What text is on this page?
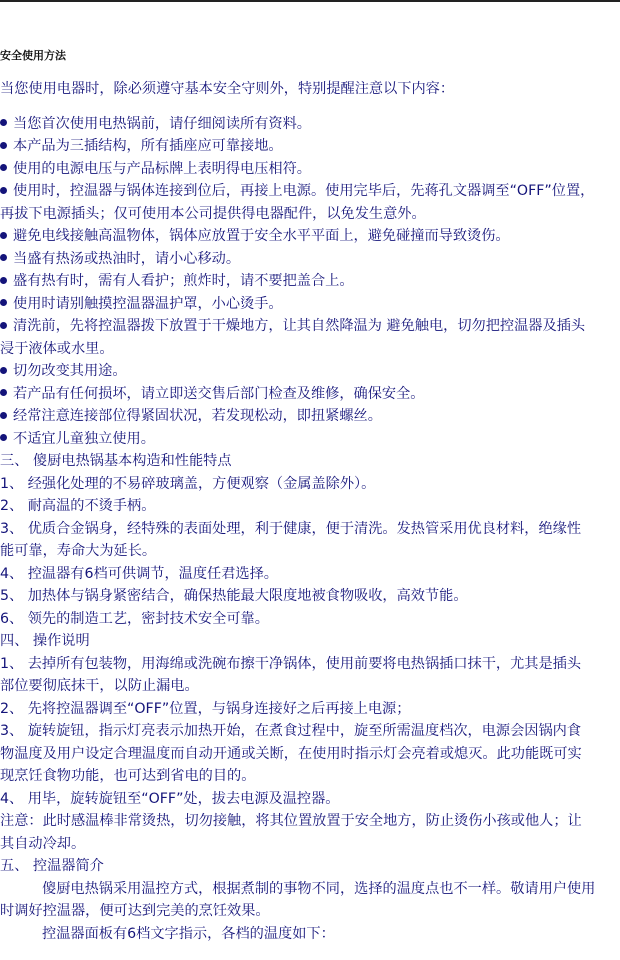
安全使用方法
当您使用电器时，除必须遵守基本安全守则外，特别提醒注意以下内容：
当您首次使用电热锅前，请仔细阅读所有资料。
本产品为三插结构，所有插座应可靠接地。
使用的电源电压与产品标牌上表明得电压相符。
使用时，控温器与锅体连接到位后，再接上电源。使用完毕后，先蒋孔文器调至“OFF”位置，
再拔下电源插头；仅可使用本公司提供得电器配件，以免发生意外。
避免电线接触高温物体，锅体应放置于安全水平平面上，避免碰撞而导致烫伤。
当盛有热汤或热油时，请小心移动。
盛有热有时，需有人看护；煎炸时，请不要把盖合上。
使用时请别触摸控温器温护罩，小心烫手。
清洗前，先将控温器拨下放置于干燥地方，让其自然降温为 避免触电，切勿把控温器及插头
浸于液体或水里。
切勿改变其用途。
若产品有任何损坏，请立即送交售后部门检查及维修，确保安全。
经常注意连接部位得紧固状况，若发现松动，即扭紧螺丝。
不适宜儿童独立使用。
三、 傻厨电热锅基本构造和性能特点
1、 经强化处理的不易碎玻璃盖，方便观察（金属盖除外）。
2、 耐高温的不烫手柄。
3、 优质合金锅身，经特殊的表面处理，利于健康，便于清洗。发热管采用优良材料，绝缘性
能可靠，寿命大为延长。
4、 控温器有6档可供调节，温度任君选择。
5、 加热体与锅身紧密结合，确保热能最大限度地被食物吸收，高效节能。
6、 领先的制造工艺，密封技术安全可靠。
四、 操作说明
1、 去掉所有包装物，用海绵或洗碗布擦干净锅体，使用前要将电热锅插口抹干，尤其是插头
部位要彻底抹干，以防止漏电。
2、 先将控温器调至“OFF”位置，与锅身连接好之后再接上电源；
3、 旋转旋钮，指示灯亮表示加热开始，在煮食过程中，旋至所需温度档次，电源会因锅内食
物温度及用户设定合理温度而自动开通或关断，在使用时指示灯会亮着或熄灭。此功能既可实
现烹饪食物功能，也可达到省电的目的。
4、 用毕，旋转旋钮至“OFF”处，拔去电源及温控器。
注意：此时感温棒非常烫热，切勿接触，将其位置放置于安全地方，防止烫伤小孩或他人；让
其自动冷却。
五、 控温器简介
傻厨电热锅采用温控方式，根据煮制的事物不同，选择的温度点也不一样。敬请用户使用
时调好控温器，便可达到完美的烹饪效果。
控温器面板有6档文字指示，各档的温度如下：
